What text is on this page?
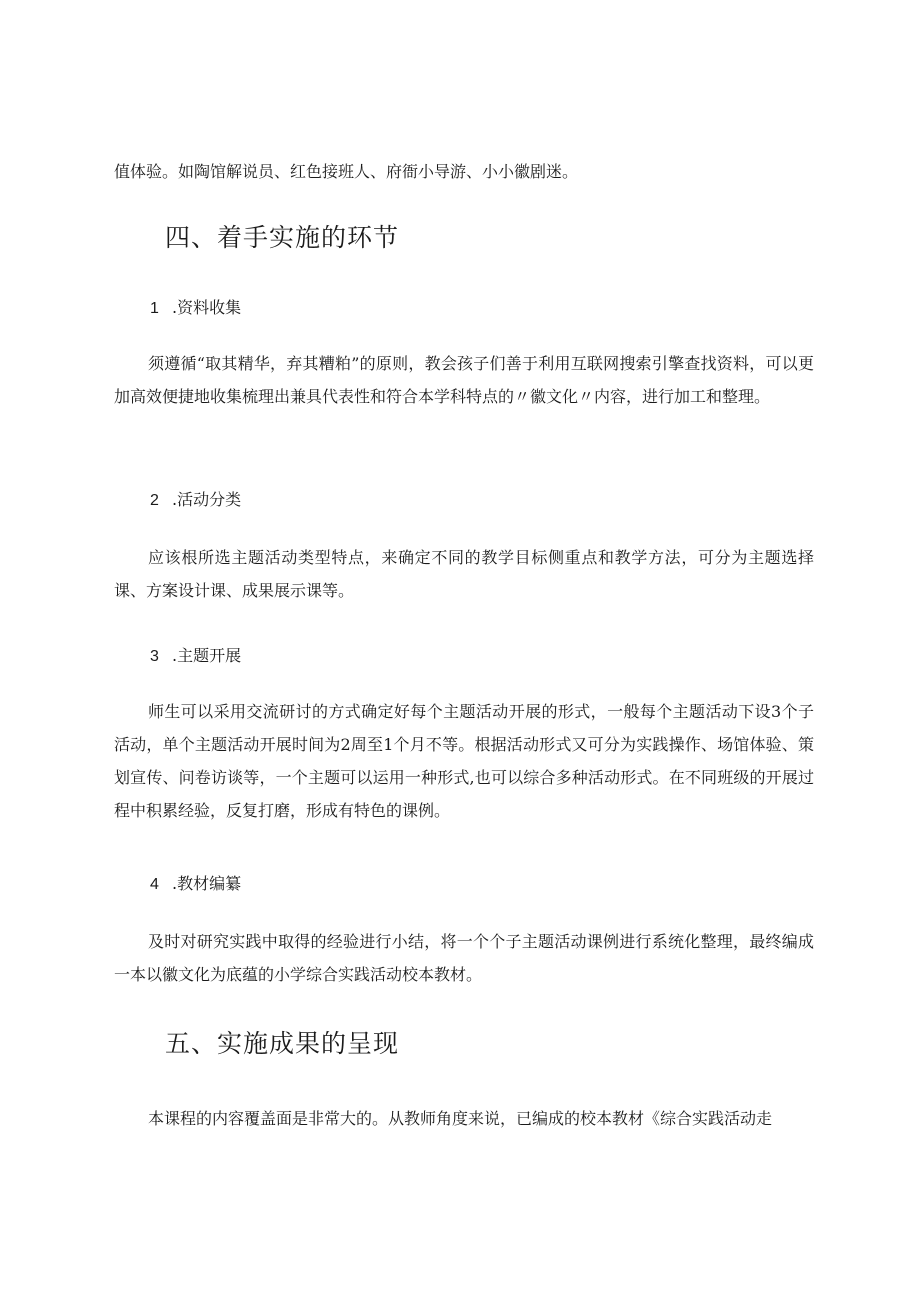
值体验。如陶馆解说员、红色接班人、府衙小导游、小小徽剧迷。

四、着手实施的环节

1 .资料收集

须遵循“取其精华，弃其糟粕”的原则，教会孩子们善于利用互联网搜索引擎查找资料，可以更加高效便捷地收集梳理出兼具代表性和符合本学科特点的〃徽文化〃内容，进行加工和整理。

2 .活动分类

应该根所选主题活动类型特点，来确定不同的教学目标侧重点和教学方法，可分为主题选择课、方案设计课、成果展示课等。

3 .主题开展

师生可以采用交流研讨的方式确定好每个主题活动开展的形式，一般每个主题活动下设3个子活动，单个主题活动开展时间为2周至1个月不等。根据活动形式又可分为实践操作、场馆体验、策划宣传、问卷访谈等，一个主题可以运用一种形式,也可以综合多种活动形式。在不同班级的开展过程中积累经验，反复打磨，形成有特色的课例。

4 .教材编纂

及时对研究实践中取得的经验进行小结，将一个个子主题活动课例进行系统化整理，最终编成一本以徽文化为底蕴的小学综合实践活动校本教材。

五、实施成果的呈现

本课程的内容覆盖面是非常大的。从教师角度来说，已编成的校本教材《综合实践活动走
